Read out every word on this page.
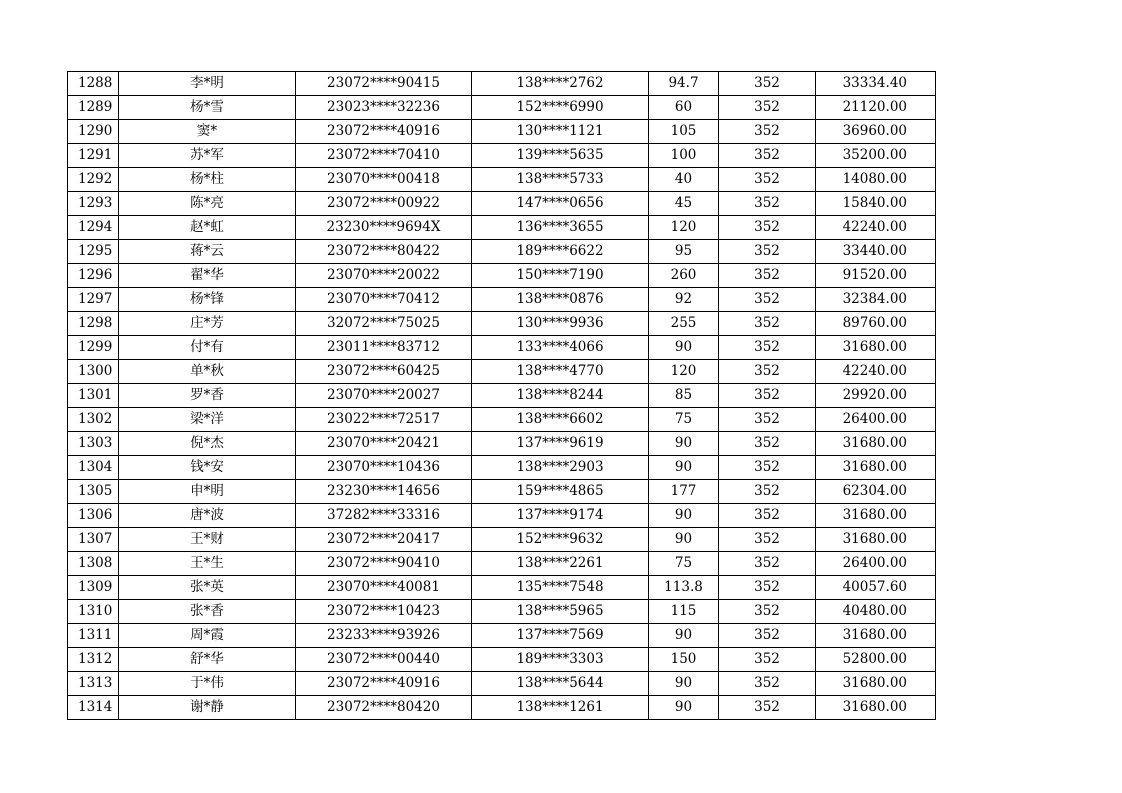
1288	李*明	23072****90415	138****2762	94.7	352	33334.40
1289	杨*雪	23023****32236	152****6990	60	352	21120.00
1290	窦*	23072****40916	130****1121	105	352	36960.00
1291	苏*军	23072****70410	139****5635	100	352	35200.00
1292	杨*柱	23070****00418	138****5733	40	352	14080.00
1293	陈*亮	23072****00922	147****0656	45	352	15840.00
1294	赵*虹	23230****9694X	136****3655	120	352	42240.00
1295	蒋*云	23072****80422	189****6622	95	352	33440.00
1296	翟*华	23070****20022	150****7190	260	352	91520.00
1297	杨*锋	23070****70412	138****0876	92	352	32384.00
1298	庄*芳	32072****75025	130****9936	255	352	89760.00
1299	付*有	23011****83712	133****4066	90	352	31680.00
1300	单*秋	23072****60425	138****4770	120	352	42240.00
1301	罗*香	23070****20027	138****8244	85	352	29920.00
1302	梁*洋	23022****72517	138****6602	75	352	26400.00
1303	倪*杰	23070****20421	137****9619	90	352	31680.00
1304	钱*安	23070****10436	138****2903	90	352	31680.00
1305	申*明	23230****14656	159****4865	177	352	62304.00
1306	唐*波	37282****33316	137****9174	90	352	31680.00
1307	王*财	23072****20417	152****9632	90	352	31680.00
1308	王*生	23072****90410	138****2261	75	352	26400.00
1309	张*英	23070****40081	135****7548	113.8	352	40057.60
1310	张*香	23072****10423	138****5965	115	352	40480.00
1311	周*霞	23233****93926	137****7569	90	352	31680.00
1312	舒*华	23072****00440	189****3303	150	352	52800.00
1313	于*伟	23072****40916	138****5644	90	352	31680.00
1314	谢*静	23072****80420	138****1261	90	352	31680.00
